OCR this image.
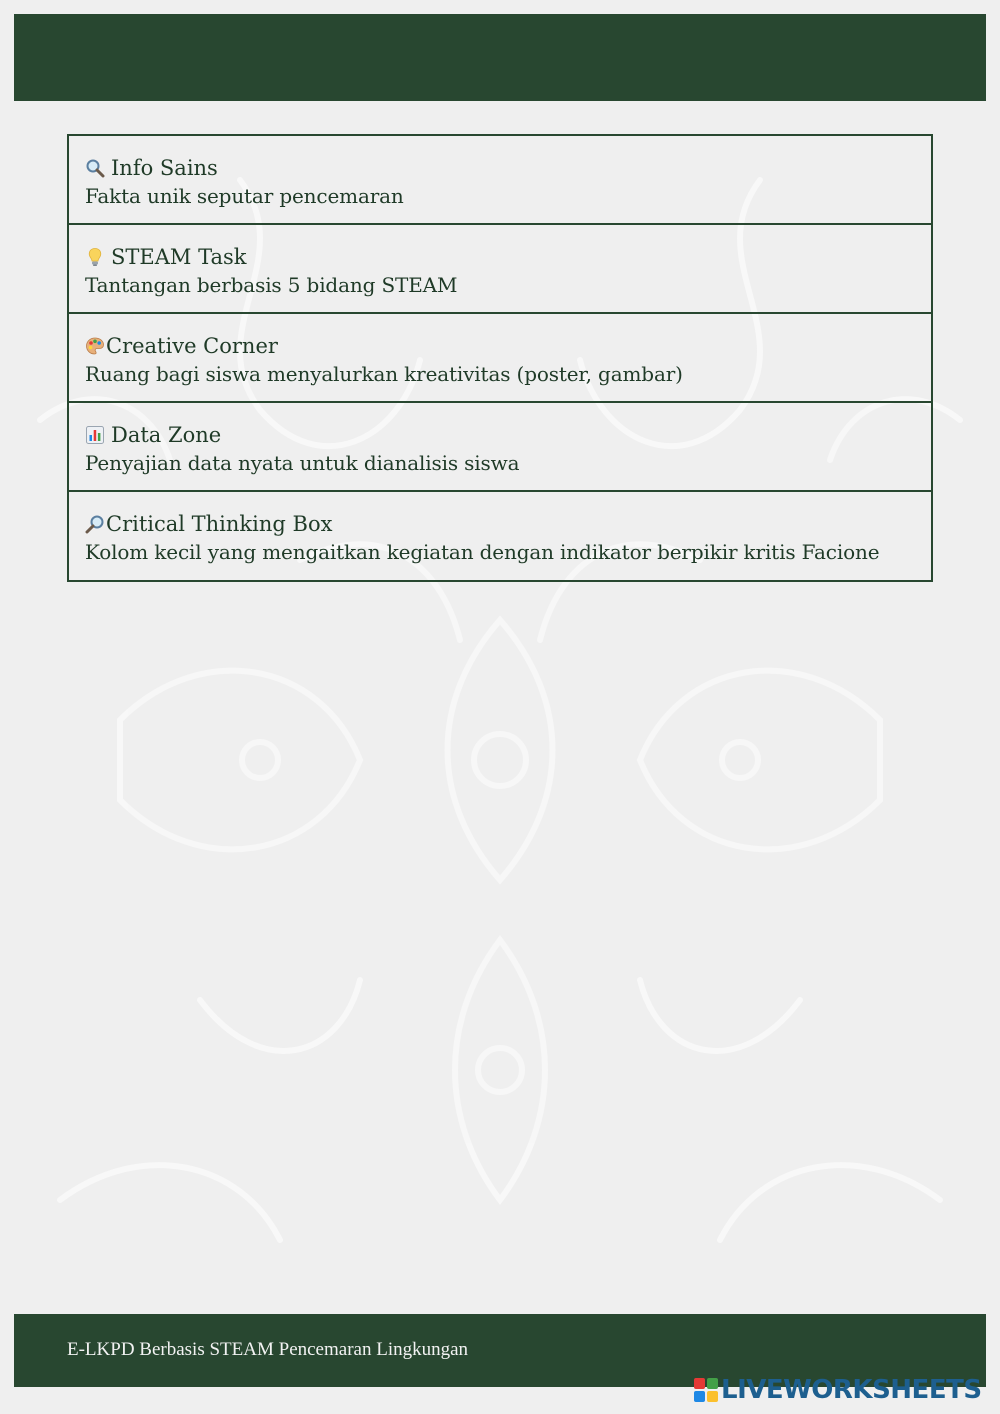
Info Sains
Fakta unik seputar pencemaran
STEAM Task
Tantangan berbasis 5 bidang STEAM
Creative Corner
Ruang bagi siswa menyalurkan kreativitas (poster, gambar)
Data Zone
Penyajian data nyata untuk dianalisis siswa
Critical Thinking Box
Kolom kecil yang mengaitkan kegiatan dengan indikator berpikir kritis Facione
E-LKPD Berbasis STEAM Pencemaran Lingkungan
LIVEWORKSHEETS
